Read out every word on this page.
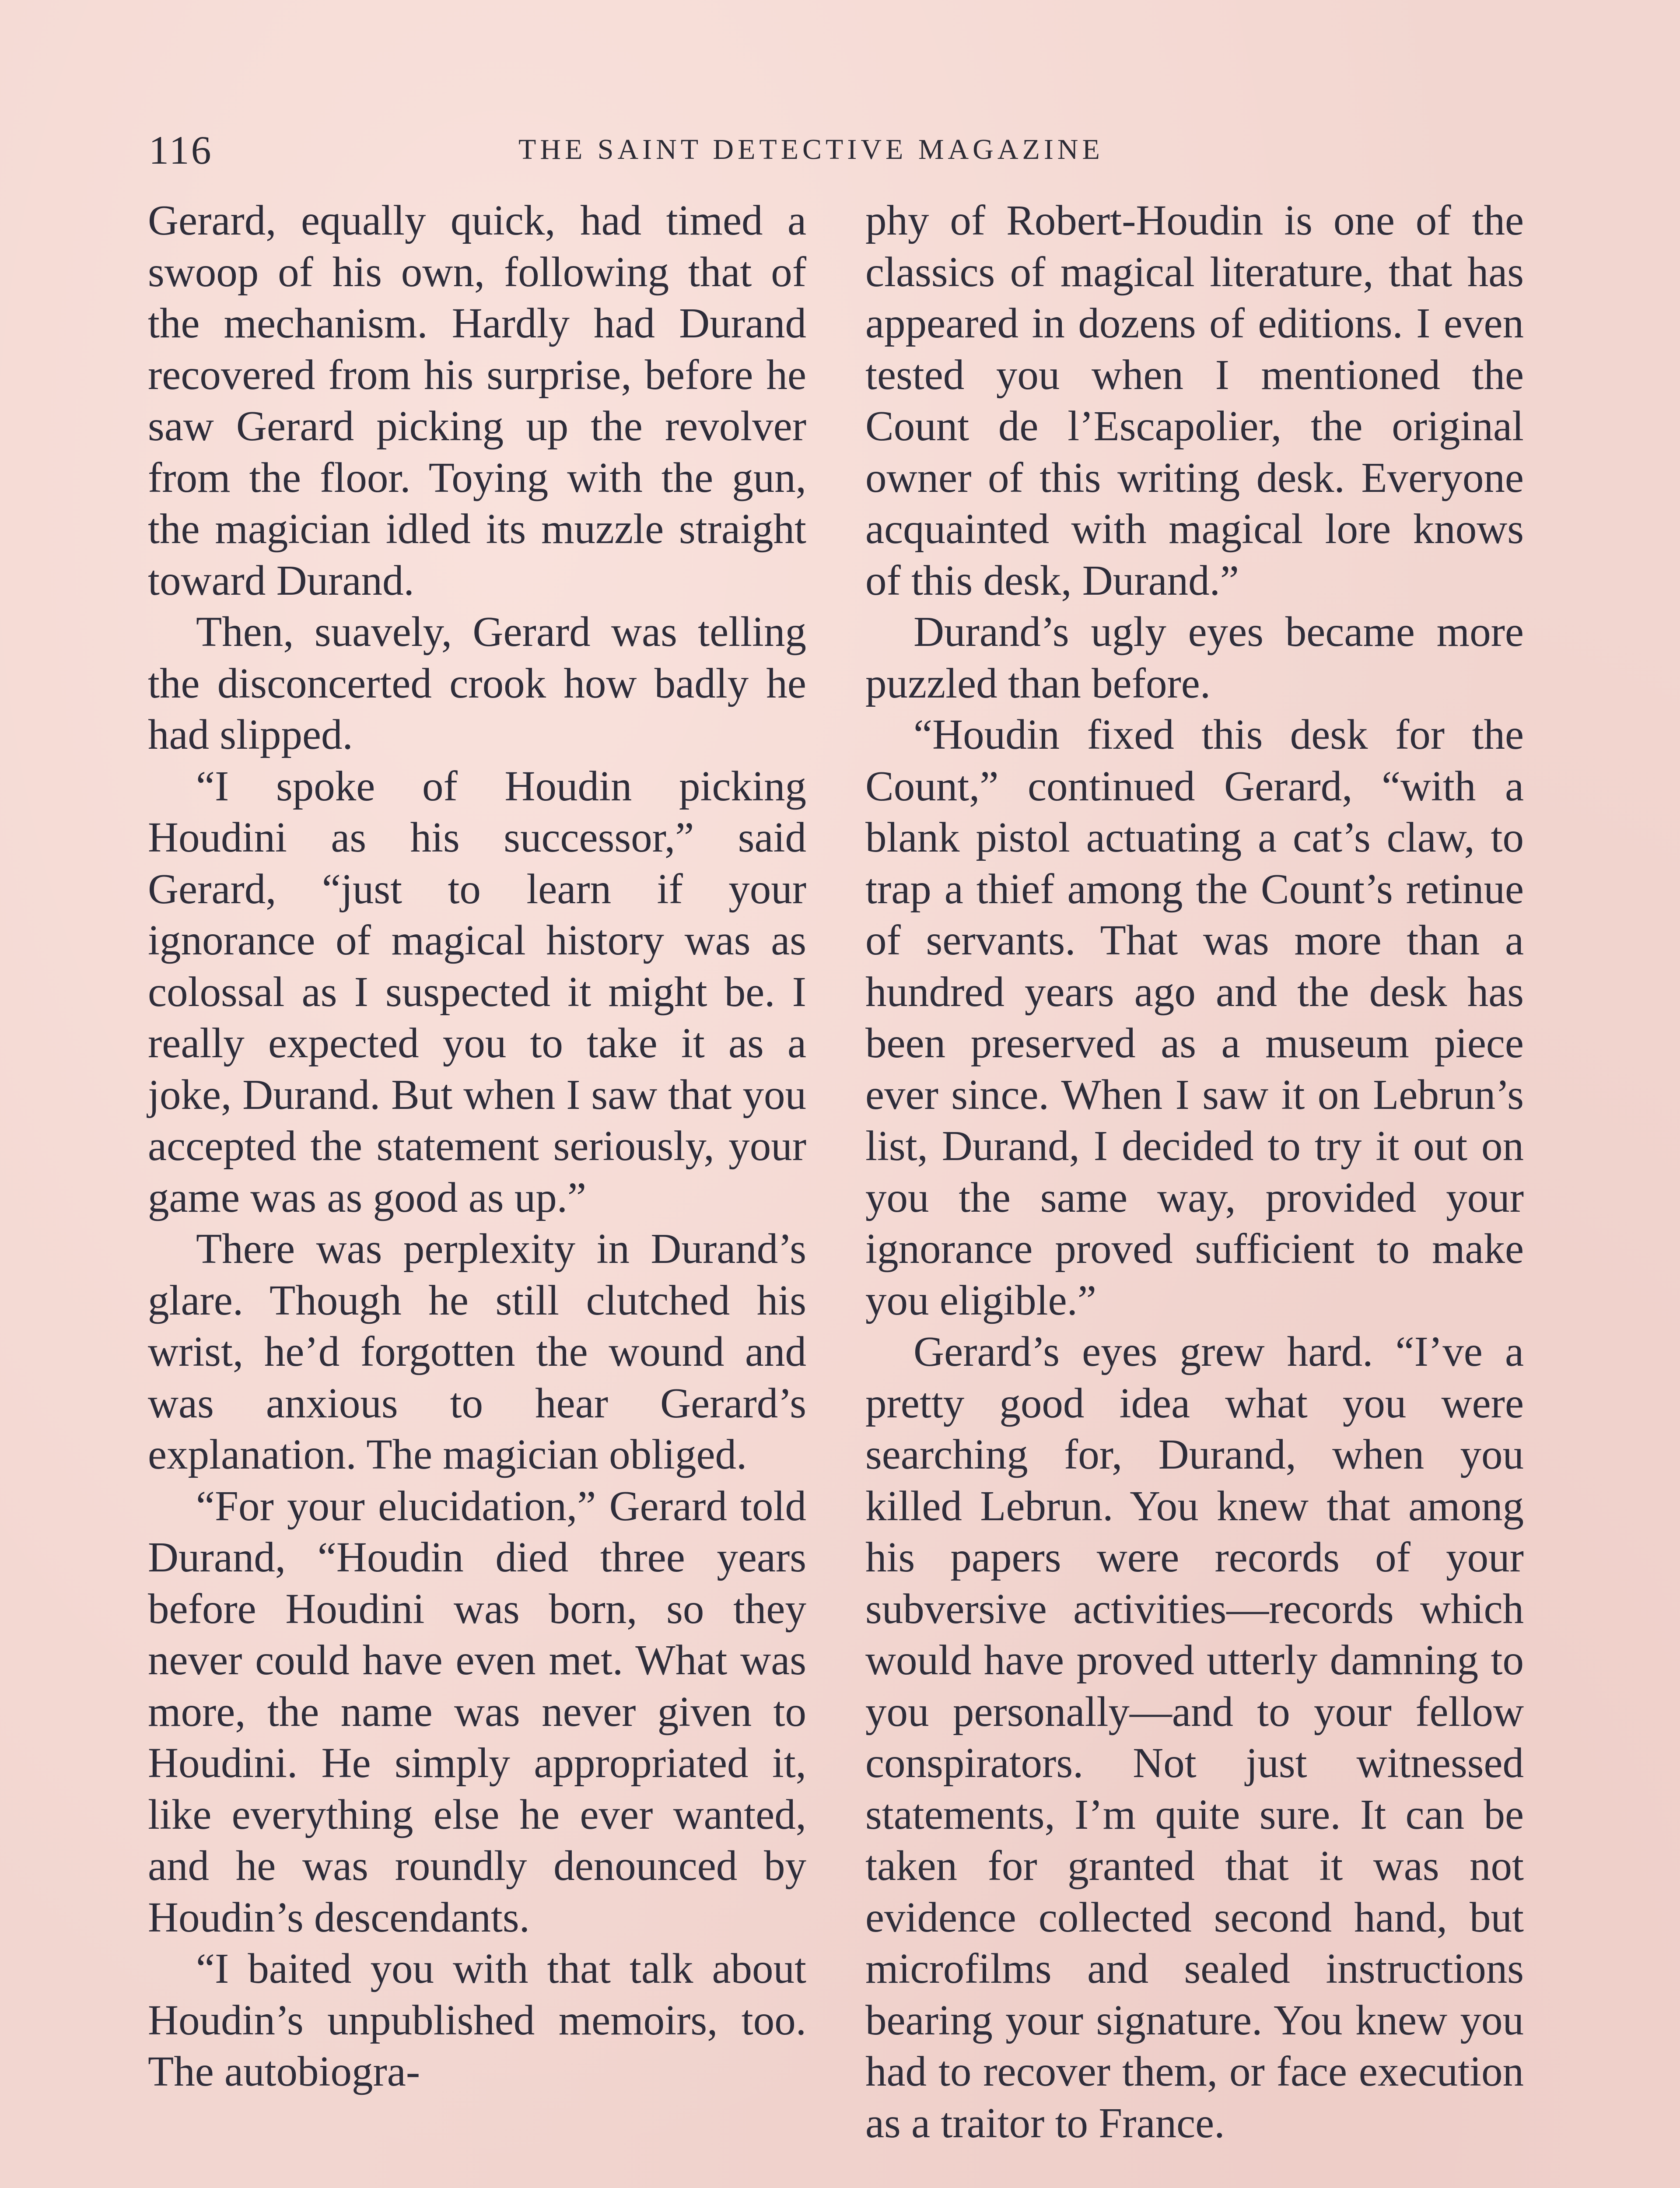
116	THE SAINT DETECTIVE MAGAZINE

Gerard, equally quick, had timed a swoop of his own, following that of the mechanism. Hardly had Durand recovered from his surprise, before he saw Gerard picking up the revolver from the floor. Toying with the gun, the magician idled its muzzle straight toward Durand.

Then, suavely, Gerard was telling the disconcerted crook how badly he had slipped.

“I spoke of Houdin picking Houdini as his successor,” said Gerard, “just to learn if your ignorance of magical history was as colossal as I suspected it might be. I really expected you to take it as a joke, Durand. But when I saw that you accepted the statement seriously, your game was as good as up.”

There was perplexity in Durand’s glare. Though he still clutched his wrist, he’d forgotten the wound and was anxious to hear Gerard’s explanation. The magician obliged.

“For your elucidation,” Gerard told Durand, “Houdin died three years before Houdini was born, so they never could have even met. What was more, the name was never given to Houdini. He simply appropriated it, like everything else he ever wanted, and he was roundly denounced by Houdin’s descendants.

“I baited you with that talk about Houdin’s unpublished memoirs, too. The autobiogra-

phy of Robert-Houdin is one of the classics of magical literature, that has appeared in dozens of editions. I even tested you when I mentioned the Count de l’Escapolier, the original owner of this writing desk. Everyone acquainted with magical lore knows of this desk, Durand.”

Durand’s ugly eyes became more puzzled than before.

“Houdin fixed this desk for the Count,” continued Gerard, “with a blank pistol actuating a cat’s claw, to trap a thief among the Count’s retinue of servants. That was more than a hundred years ago and the desk has been preserved as a museum piece ever since. When I saw it on Lebrun’s list, Durand, I decided to try it out on you the same way, provided your ignorance proved sufficient to make you eligible.”

Gerard’s eyes grew hard. “I’ve a pretty good idea what you were searching for, Durand, when you killed Lebrun. You knew that among his papers were records of your subversive activities—records which would have proved utterly damning to you personally—and to your fellow conspirators. Not just witnessed statements, I’m quite sure. It can be taken for granted that it was not evidence collected second hand, but microfilms and sealed instructions bearing your signature. You knew you had to recover them, or face execution as a traitor to France.
